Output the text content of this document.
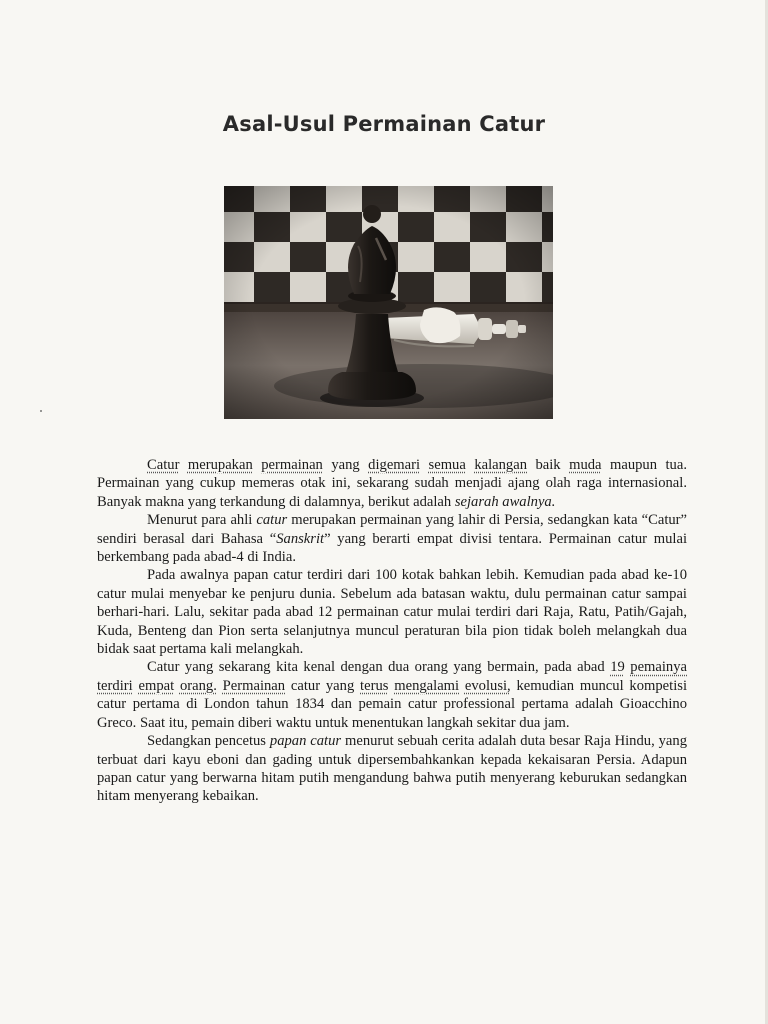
Asal-Usul Permainan Catur

Catur merupakan permainan yang digemari semua kalangan baik muda maupun tua. Permainan yang cukup memeras otak ini, sekarang sudah menjadi ajang olah raga internasional. Banyak makna yang terkandung di dalamnya, berikut adalah sejarah awalnya.

Menurut para ahli catur merupakan permainan yang lahir di Persia, sedangkan kata “Catur” sendiri berasal dari Bahasa “Sanskrit” yang berarti empat divisi tentara. Permainan catur mulai berkembang pada abad-4 di India.

Pada awalnya papan catur terdiri dari 100 kotak bahkan lebih. Kemudian pada abad ke-10 catur mulai menyebar ke penjuru dunia. Sebelum ada batasan waktu, dulu permainan catur sampai berhari-hari. Lalu, sekitar pada abad 12 permainan catur mulai terdiri dari Raja, Ratu, Patih/Gajah, Kuda, Benteng dan Pion serta selanjutnya muncul peraturan bila pion tidak boleh melangkah dua bidak saat pertama kali melangkah.

Catur yang sekarang kita kenal dengan dua orang yang bermain, pada abad 19 pemainya terdiri empat orang. Permainan catur yang terus mengalami evolusi, kemudian muncul kompetisi catur pertama di London tahun 1834 dan pemain catur professional pertama adalah Gioacchino Greco. Saat itu, pemain diberi waktu untuk menentukan langkah sekitar dua jam.

Sedangkan pencetus papan catur menurut sebuah cerita adalah duta besar Raja Hindu, yang terbuat dari kayu eboni dan gading untuk dipersembahkankan kepada kekaisaran Persia. Adapun papan catur yang berwarna hitam putih mengandung bahwa putih menyerang keburukan sedangkan hitam menyerang kebaikan.
